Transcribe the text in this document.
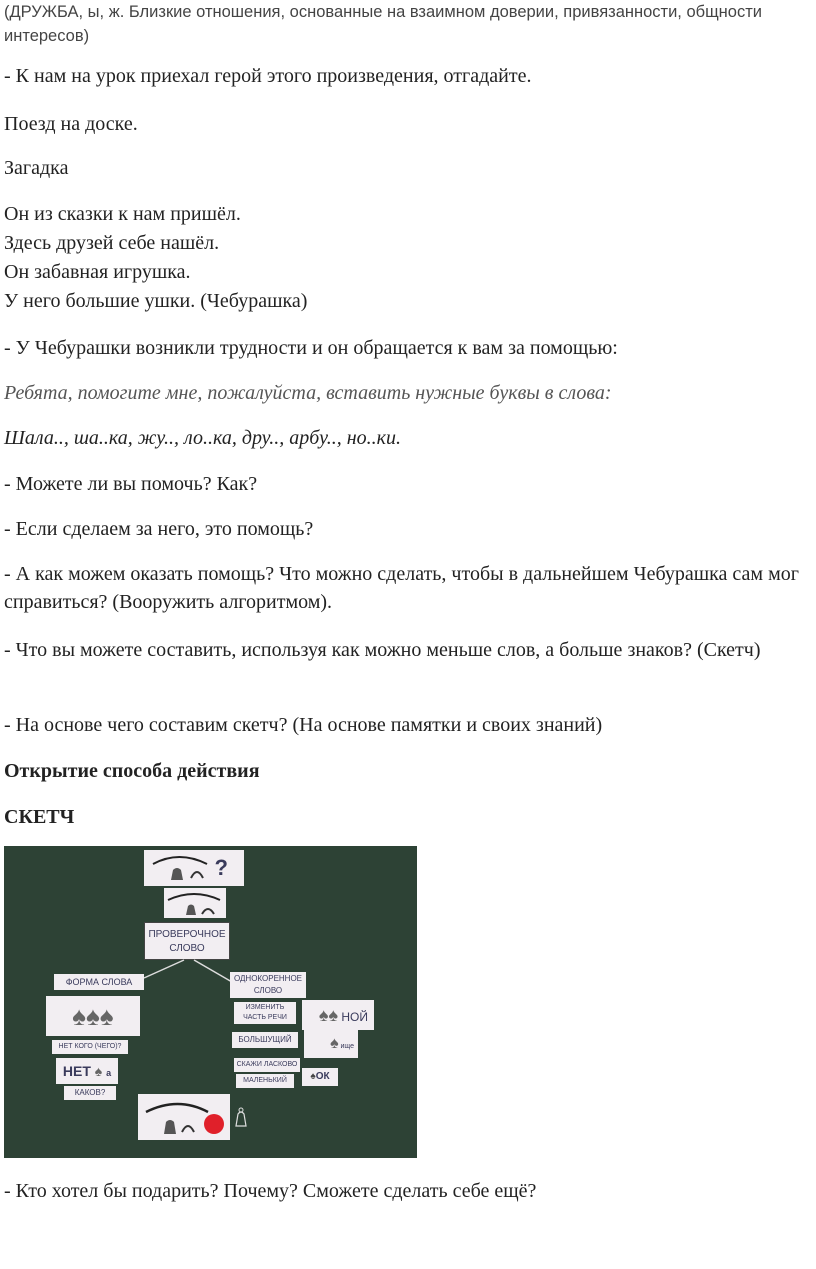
(ДРУЖБА, ы, ж. Близкие отношения, основанные на взаимном доверии, привязанности, общности интересов)
- К нам на урок приехал герой этого произведения, отгадайте.
Поезд на доске.
Загадка
Он из сказки к нам пришёл.
Здесь друзей себе нашёл.
Он забавная игрушка.
У него большие ушки. (Чебурашка)
- У Чебурашки возникли трудности и он обращается к вам за помощью:
Ребята, помогите мне, пожалуйста, вставить нужные буквы в слова:
Шала.., ша..ка, жу.., ло..ка, дру.., арбу.., но..ки.
- Можете ли вы помочь? Как?
- Если сделаем за него, это помощь?
- А как можем оказать помощь? Что можно сделать, чтобы в дальнейшем Чебурашка сам мог справиться? (Вооружить алгоритмом).
- Что вы можете составить, используя как можно меньше слов, а больше знаков? (Скетч)
- На основе чего составим скетч? (На основе памятки и своих знаний)
Открытие способа действия
СКЕТЧ
?
ПРОВЕРОЧНОЕ СЛОВО
ФОРМА СЛОВА
♠♠♠
НЕТ КОГО (ЧЕГО)?
НЕТ ♠ а
КАКОВ?
ОДНОКОРЕННОЕ СЛОВО
ИЗМЕНИТЬ ЧАСТЬ РЕЧИ	♠♠ НОЙ
БОЛЬШУЩИЙ	♠ ище
СКАЖИ ЛАСКОВО
МАЛЕНЬКИЙ	♠ОК
- Кто хотел бы подарить? Почему? Сможете сделать себе ещё?
